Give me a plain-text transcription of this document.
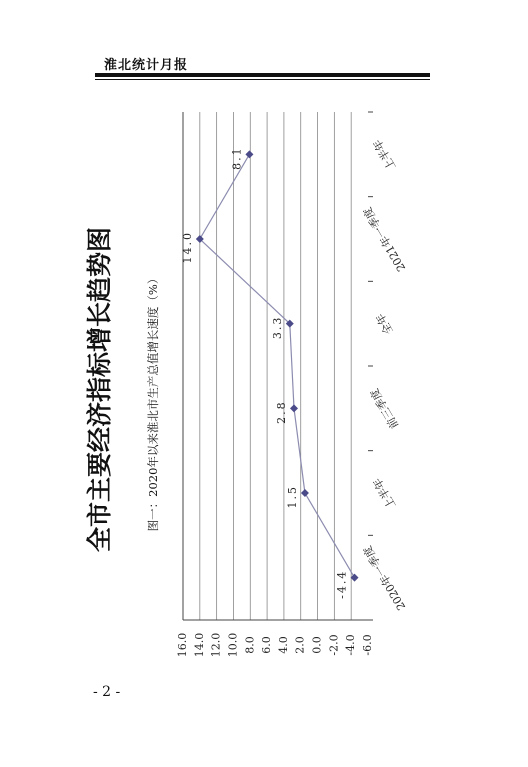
淮北统计月报
全市主要经济指标增长趋势图	图一：2020年以来淮北市生产总值增长速度（%）
-6.0
-4.0
-2.0
0.0
2.0
4.0
6.0
8.0
10.0
12.0
14.0
16.0
2020年一季度
上半年
前三季度
全年
2021年一季度
上半年
-4.4
1.5
2.8
3.3
14.0
8.1
- 2 -
